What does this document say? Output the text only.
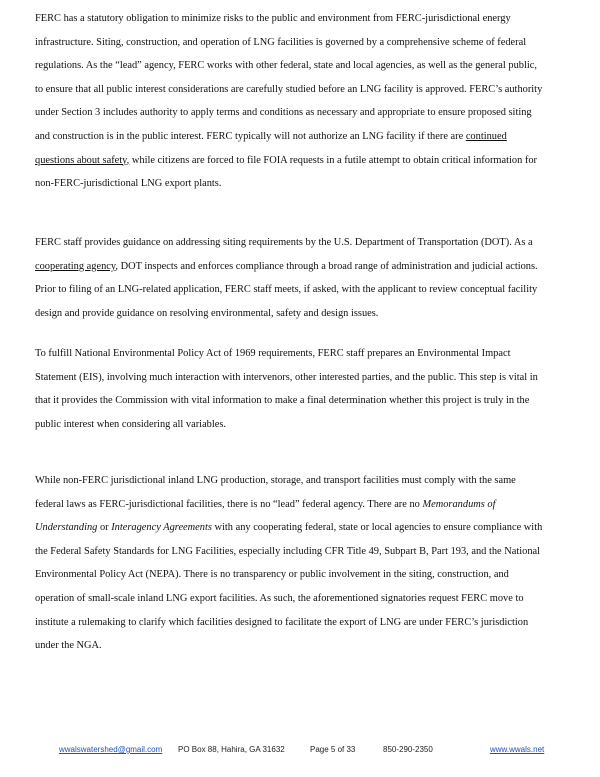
FERC has a statutory obligation to minimize risks to the public and environment from FERC-jurisdictional energy
infrastructure. Siting, construction, and operation of LNG facilities is governed by a comprehensive scheme of federal
regulations. As the “lead” agency, FERC works with other federal, state and local agencies, as well as the general public,
to ensure that all public interest considerations are carefully studied before an LNG facility is approved. FERC’s authority
under Section 3 includes authority to apply terms and conditions as necessary and appropriate to ensure proposed siting
and construction is in the public interest. FERC typically will not authorize an LNG facility if there are continued
questions about safety, while citizens are forced to file FOIA requests in a futile attempt to obtain critical information for
non-FERC-jurisdictional LNG export plants.

FERC staff provides guidance on addressing siting requirements by the U.S. Department of Transportation (DOT). As a
cooperating agency, DOT inspects and enforces compliance through a broad range of administration and judicial actions.
Prior to filing of an LNG-related application, FERC staff meets, if asked, with the applicant to review conceptual facility
design and provide guidance on resolving environmental, safety and design issues.

To fulfill National Environmental Policy Act of 1969 requirements, FERC staff prepares an Environmental Impact
Statement (EIS), involving much interaction with intervenors, other interested parties, and the public. This step is vital in
that it provides the Commission with vital information to make a final determination whether this project is truly in the
public interest when considering all variables.

While non-FERC jurisdictional inland LNG production, storage, and transport facilities must comply with the same
federal laws as FERC-jurisdictional facilities, there is no “lead” federal agency. There are no Memorandums of
Understanding or Interagency Agreements with any cooperating federal, state or local agencies to ensure compliance with
the Federal Safety Standards for LNG Facilities, especially including CFR Title 49, Subpart B, Part 193, and the National
Environmental Policy Act (NEPA). There is no transparency or public involvement in the siting, construction, and
operation of small-scale inland LNG export facilities. As such, the aforementioned signatories request FERC move to
institute a rulemaking to clarify which facilities designed to facilitate the export of LNG are under FERC’s jurisdiction
under the NGA.

wwalswatershed@gmail.com PO Box 88, Hahira, GA 31632	Page 5 of 33	850-290-2350	www.wwals.net
